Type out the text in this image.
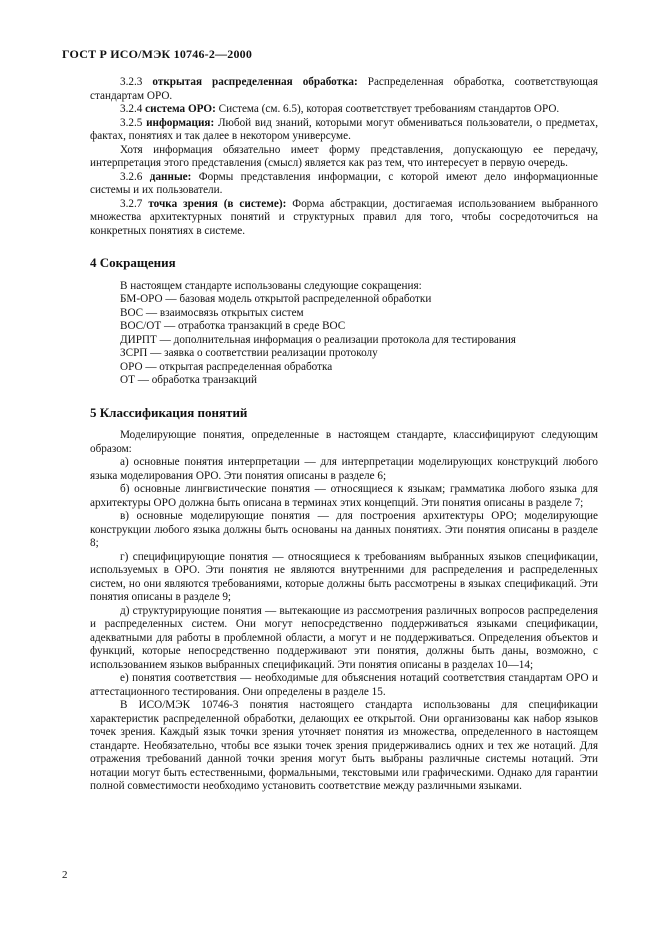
ГОСТ Р ИСО/МЭК 10746-2—2000

3.2.3 открытая распределенная обработка: Распределенная обработка, соответствующая стандартам ОРО.

3.2.4 система ОРО: Система (см. 6.5), которая соответствует требованиям стандартов ОРО.

3.2.5 информация: Любой вид знаний, которыми могут обмениваться пользователи, о предметах, фактах, понятиях и так далее в некотором универсуме.

Хотя информация обязательно имеет форму представления, допускающую ее передачу, интерпретация этого представления (смысл) является как раз тем, что интересует в первую очередь.

3.2.6 данные: Формы представления информации, с которой имеют дело информационные системы и их пользователи.

3.2.7 точка зрения (в системе): Форма абстракции, достигаемая использованием выбранного множества архитектурных понятий и структурных правил для того, чтобы сосредоточиться на конкретных понятиях в системе.

4 Сокращения

В настоящем стандарте использованы следующие сокращения:

БМ-ОРО — базовая модель открытой распределенной обработки

ВОС — взаимосвязь открытых систем

ВОС/ОТ — отработка транзакций в среде ВОС

ДИРПТ — дополнительная информация о реализации протокола для тестирования

ЗСРП — заявка о соответствии реализации протоколу

ОРО — открытая распределенная обработка

ОТ — обработка транзакций

5 Классификация понятий

Моделирующие понятия, определенные в настоящем стандарте, классифицируют следующим образом:

а) основные понятия интерпретации — для интерпретации моделирующих конструкций любого языка моделирования ОРО. Эти понятия описаны в разделе 6;

б) основные лингвистические понятия — относящиеся к языкам; грамматика любого языка для архитектуры ОРО должна быть описана в терминах этих концепций. Эти понятия описаны в разделе 7;

в) основные моделирующие понятия — для построения архитектуры ОРО; моделирующие конструкции любого языка должны быть основаны на данных понятиях. Эти понятия описаны в разделе 8;

г) специфицирующие понятия — относящиеся к требованиям выбранных языков спецификации, используемых в ОРО. Эти понятия не являются внутренними для распределения и распределенных систем, но они являются требованиями, которые должны быть рассмотрены в языках спецификаций. Эти понятия описаны в разделе 9;

д) структурирующие понятия — вытекающие из рассмотрения различных вопросов распределения и распределенных систем. Они могут непосредственно поддерживаться языками спецификации, адекватными для работы в проблемной области, а могут и не поддерживаться. Определения объектов и функций, которые непосредственно поддерживают эти понятия, должны быть даны, возможно, с использованием языков выбранных спецификаций. Эти понятия описаны в разделах 10—14;

е) понятия соответствия — необходимые для объяснения нотаций соответствия стандартам ОРО и аттестационного тестирования. Они определены в разделе 15.

В ИСО/МЭК 10746-3 понятия настоящего стандарта использованы для спецификации характеристик распределенной обработки, делающих ее открытой. Они организованы как набор языков точек зрения. Каждый язык точки зрения уточняет понятия из множества, определенного в настоящем стандарте. Необязательно, чтобы все языки точек зрения придерживались одних и тех же нотаций. Для отражения требований данной точки зрения могут быть выбраны различные системы нотаций. Эти нотации могут быть естественными, формальными, текстовыми или графическими. Однако для гарантии полной совместимости необходимо установить соответствие между различными языками.

2
